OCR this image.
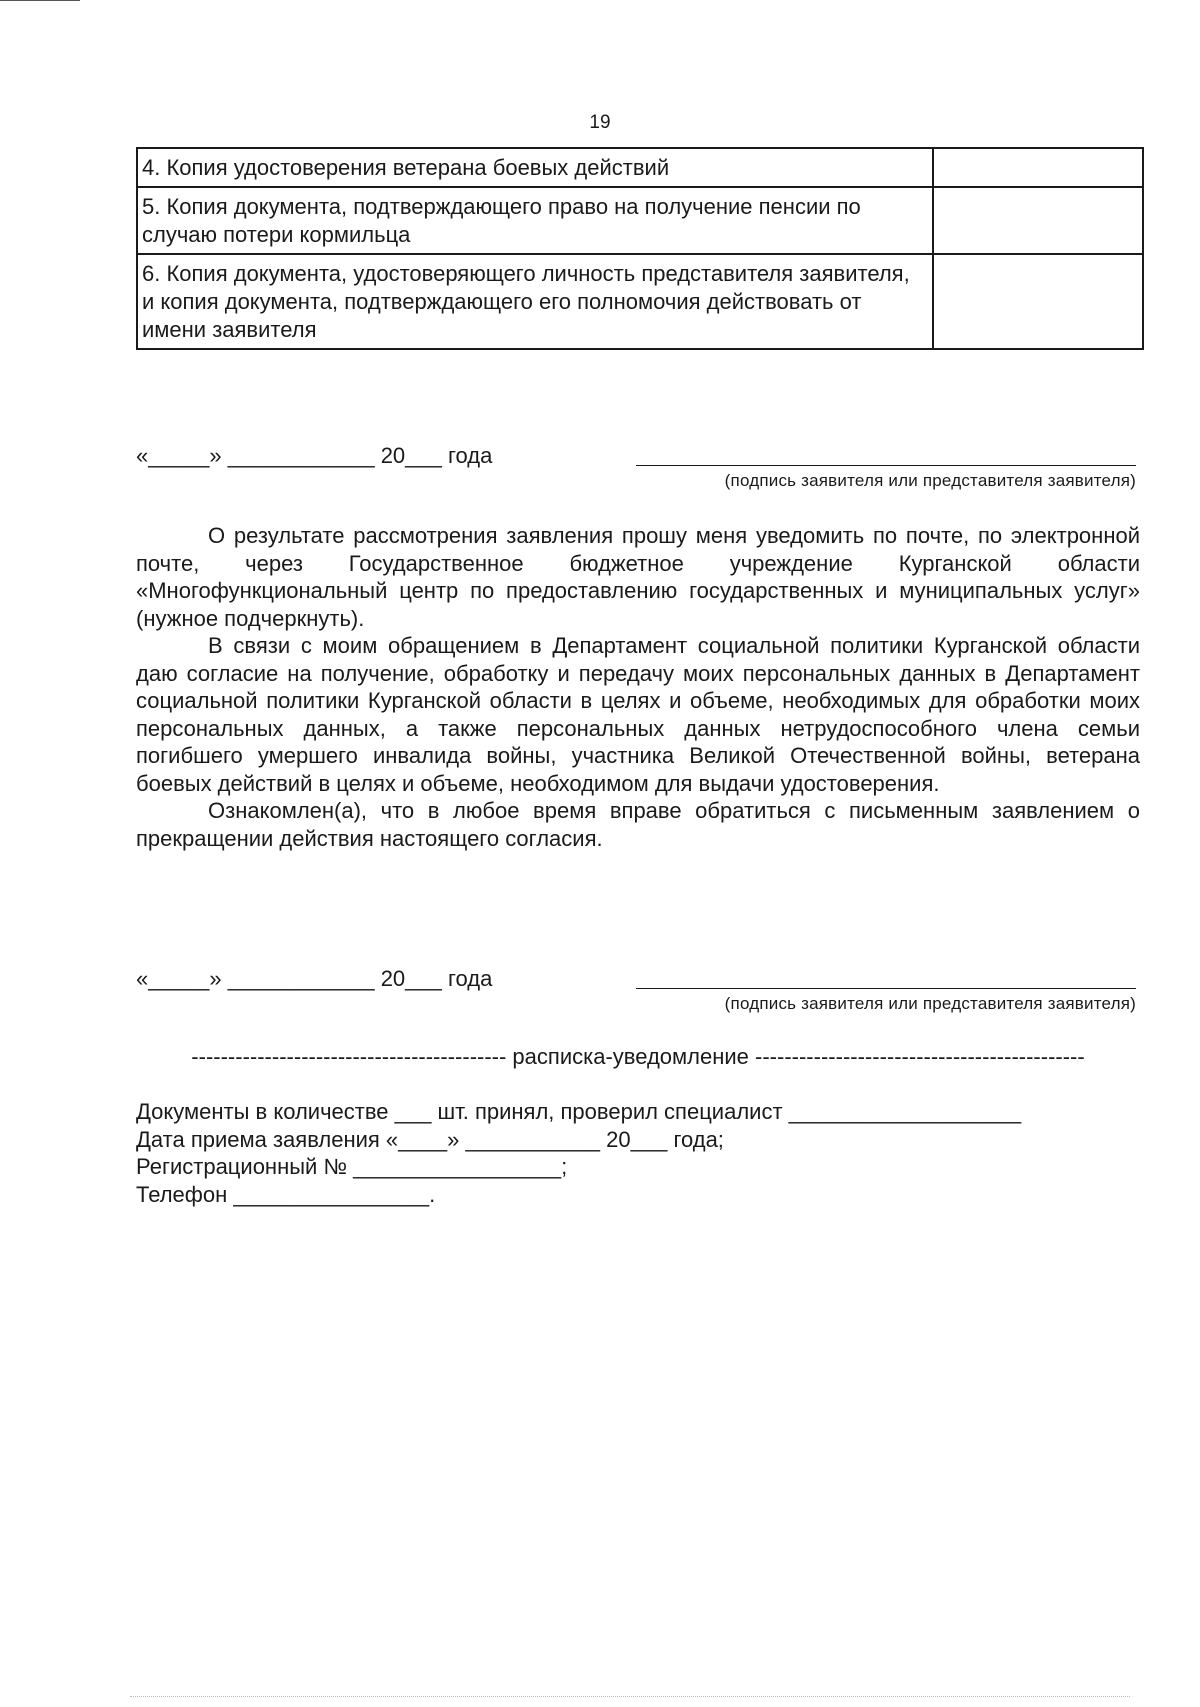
19
4. Копия удостоверения ветерана боевых действий	
5. Копия документа, подтверждающего право на получение пенсии по случаю потери кормильца	
6. Копия документа, удостоверяющего личность представителя заявителя, и копия документа, подтверждающего его полномочия действовать от имени заявителя	
«_____» ____________ 20___ года
(подпись заявителя или представителя заявителя)

О результате рассмотрения заявления прошу меня уведомить по почте, по электронной почте, через Государственное бюджетное учреждение Курганской области «Многофункциональный центр по предоставлению государственных и муниципальных услуг» (нужное подчеркнуть).

В связи с моим обращением в Департамент социальной политики Курганской области даю согласие на получение, обработку и передачу моих персональных данных в Департамент социальной политики Курганской области в целях и объеме, необходимых для обработки моих персональных данных, а также персональных данных нетрудоспособного члена семьи погибшего умершего инвалида войны, участника Великой Отечественной войны, ветерана боевых действий в целях и объеме, необходимом для выдачи удостоверения.

Ознакомлен(а), что в любое время вправе обратиться с письменным заявлением о прекращении действия настоящего согласия.

«_____» ____________ 20___ года
(подпись заявителя или представителя заявителя)
------------------------------------------- расписка-уведомление ---------------------------------------------
Документы в количестве ___ шт. принял, проверил специалист ___________________
Дата приема заявления «____» ___________ 20___ года;
Регистрационный № _________________;
Телефон ________________.
